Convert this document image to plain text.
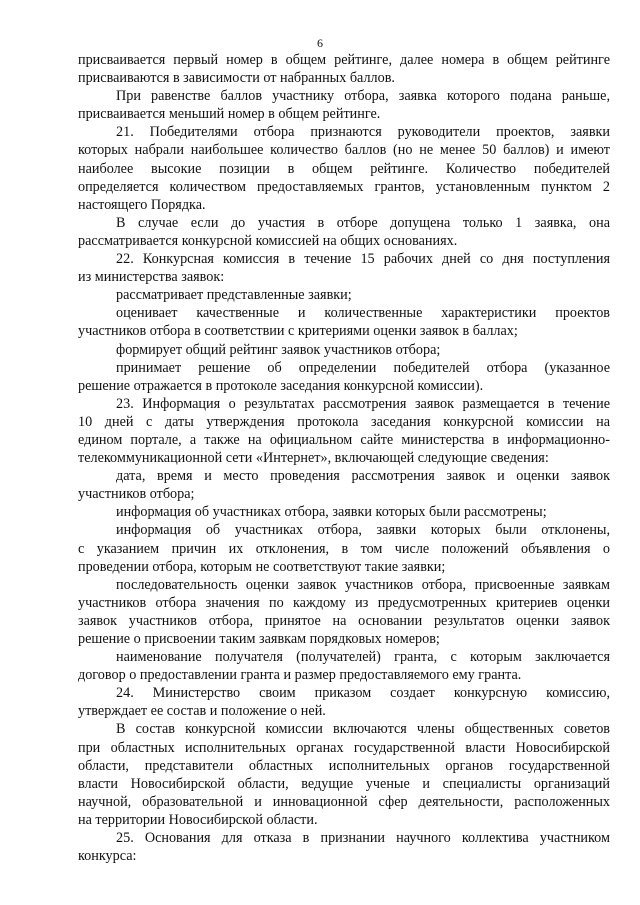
6
присваивается первый номер в общем рейтинге, далее номера в общем рейтинге
присваиваются в зависимости от набранных баллов.
При равенстве баллов участнику отбора, заявка которого подана раньше,
присваивается меньший номер в общем рейтинге.
21. Победителями отбора признаются руководители проектов, заявки
которых набрали наибольшее количество баллов (но не менее 50 баллов) и имеют
наиболее высокие позиции в общем рейтинге. Количество победителей
определяется количеством предоставляемых грантов, установленным пунктом 2
настоящего Порядка.
В случае если до участия в отборе допущена только 1 заявка, она
рассматривается конкурсной комиссией на общих основаниях.
22. Конкурсная комиссия в течение 15 рабочих дней со дня поступления
из министерства заявок:
рассматривает представленные заявки;
оценивает качественные и количественные характеристики проектов
участников отбора в соответствии с критериями оценки заявок в баллах;
формирует общий рейтинг заявок участников отбора;
принимает решение об определении победителей отбора (указанное
решение отражается в протоколе заседания конкурсной комиссии).
23. Информация о результатах рассмотрения заявок размещается в течение
10 дней с даты утверждения протокола заседания конкурсной комиссии на
едином портале, а также на официальном сайте министерства в информационно-
телекоммуникационной сети «Интернет», включающей следующие сведения:
дата, время и место проведения рассмотрения заявок и оценки заявок
участников отбора;
информация об участниках отбора, заявки которых были рассмотрены;
информация об участниках отбора, заявки которых были отклонены,
с указанием причин их отклонения, в том числе положений объявления о
проведении отбора, которым не соответствуют такие заявки;
последовательность оценки заявок участников отбора, присвоенные заявкам
участников отбора значения по каждому из предусмотренных критериев оценки
заявок участников отбора, принятое на основании результатов оценки заявок
решение о присвоении таким заявкам порядковых номеров;
наименование получателя (получателей) гранта, с которым заключается
договор о предоставлении гранта и размер предоставляемого ему гранта.
24. Министерство своим приказом создает конкурсную комиссию,
утверждает ее состав и положение о ней.
В состав конкурсной комиссии включаются члены общественных советов
при областных исполнительных органах государственной власти Новосибирской
области, представители областных исполнительных органов государственной
власти Новосибирской области, ведущие ученые и специалисты организаций
научной, образовательной и инновационной сфер деятельности, расположенных
на территории Новосибирской области.
25. Основания для отказа в признании научного коллектива участником
конкурса:
